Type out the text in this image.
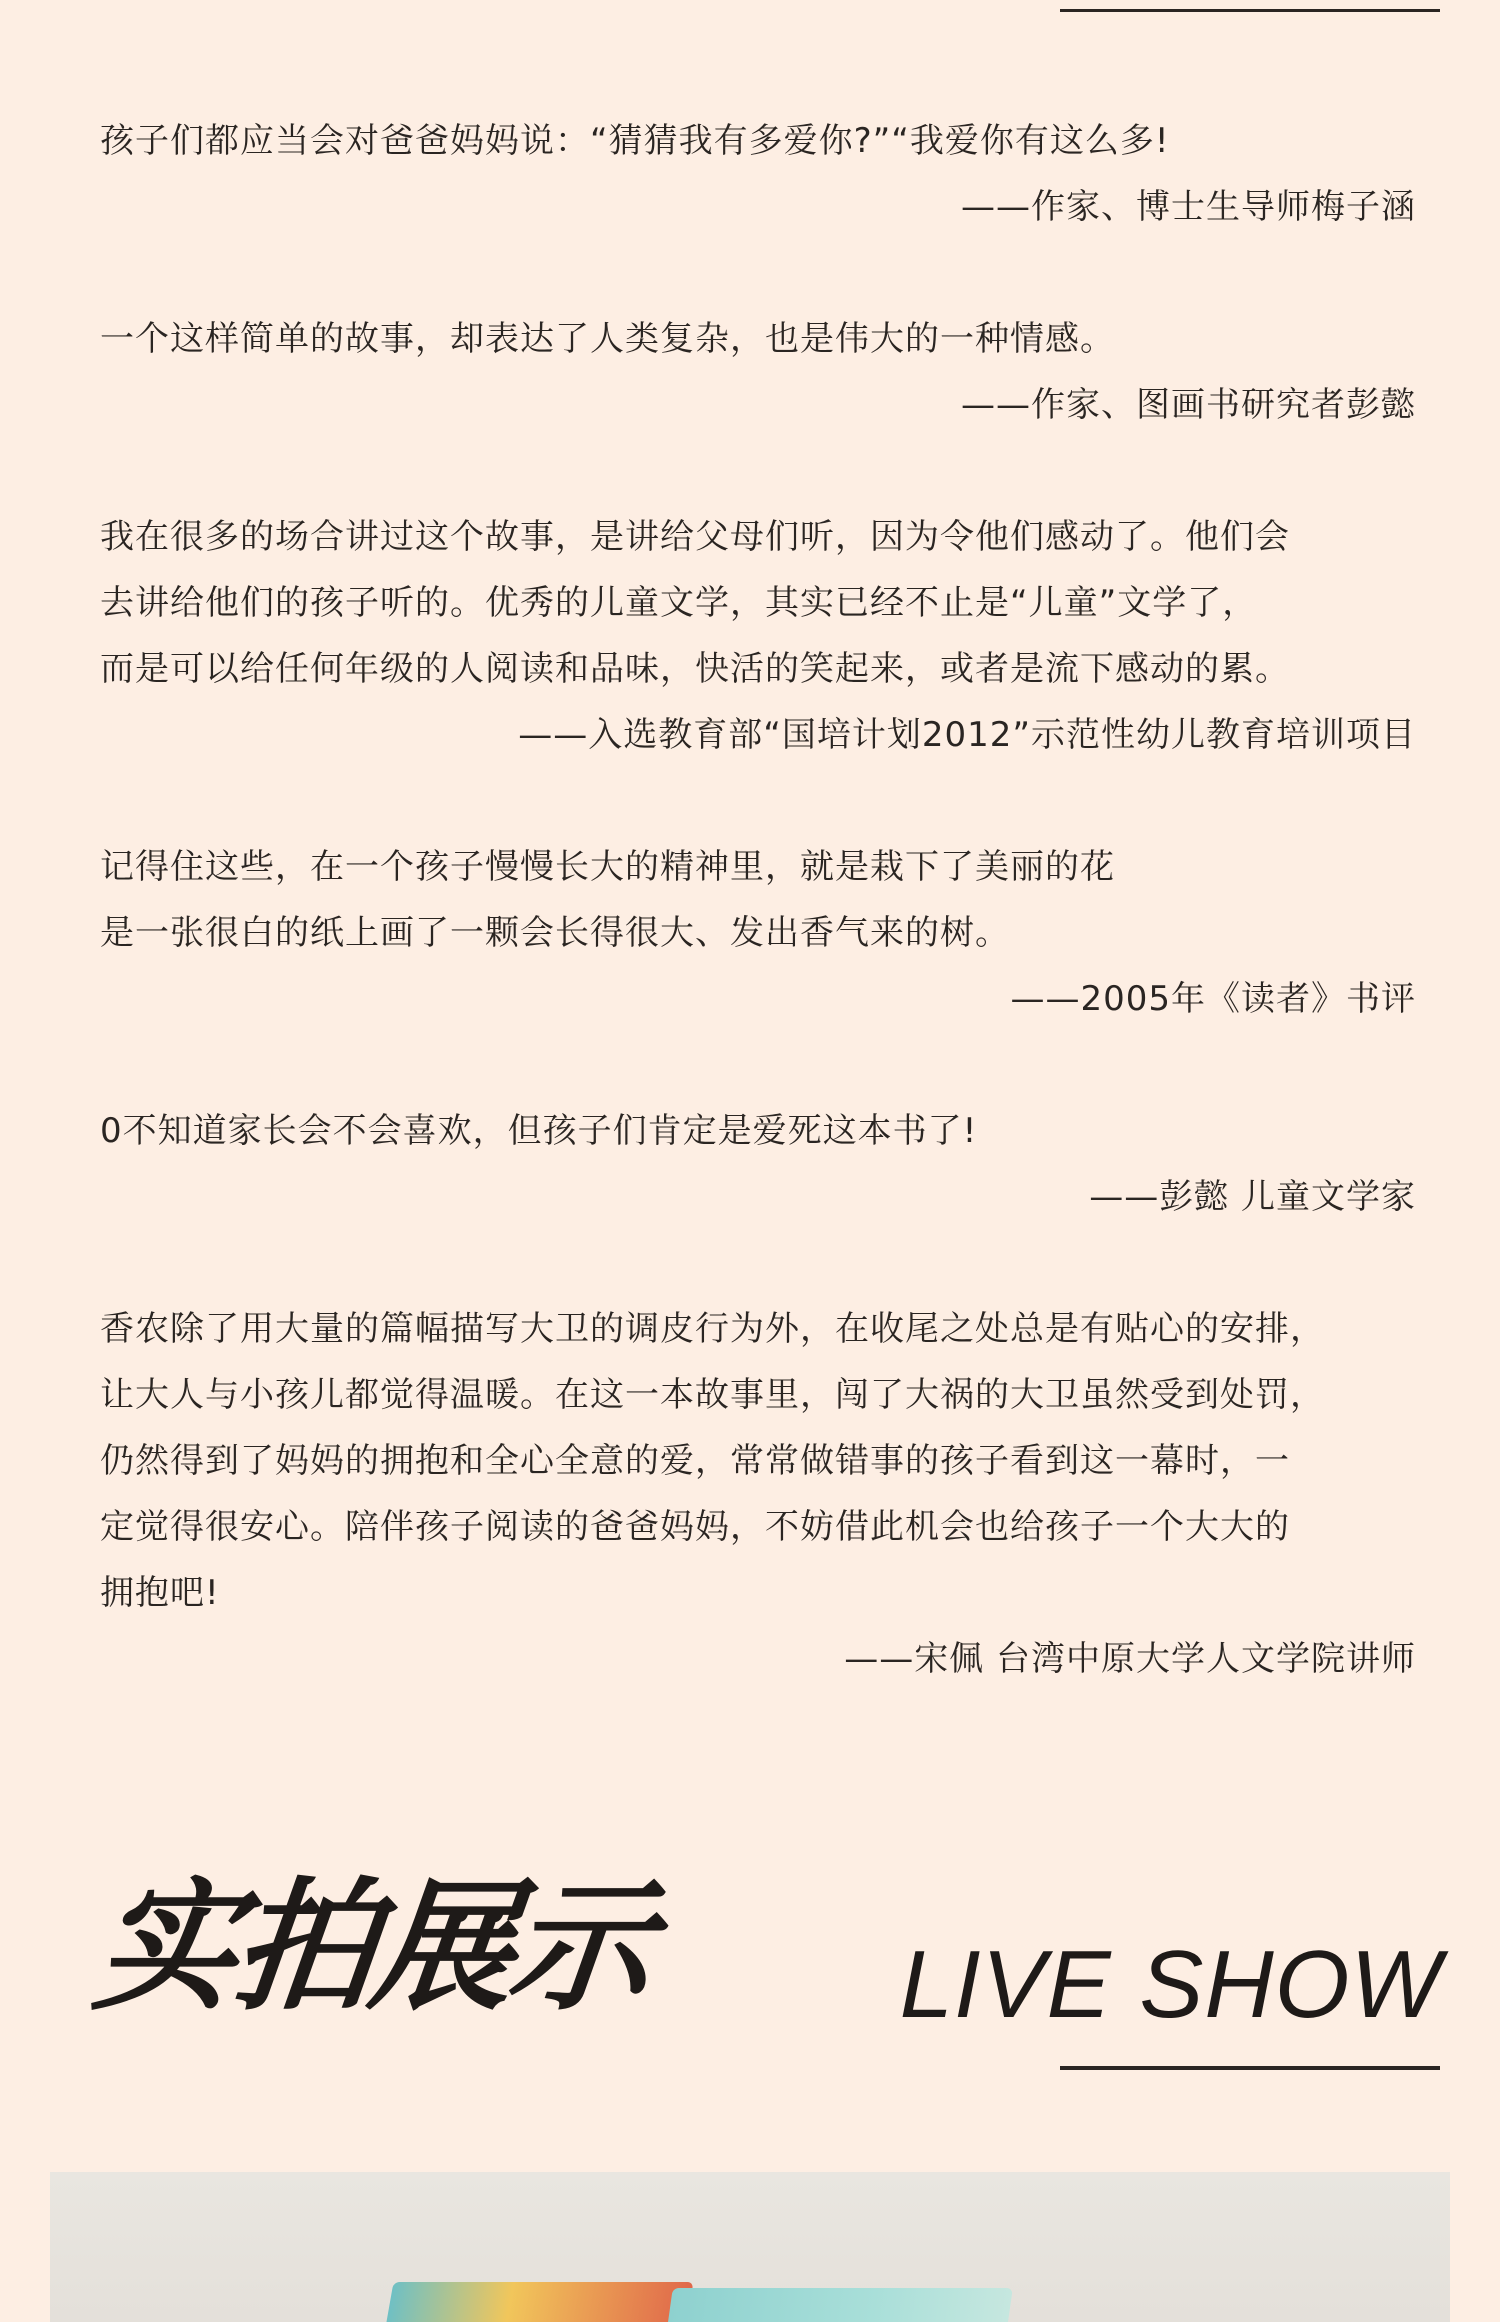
孩子们都应当会对爸爸妈妈说：“猜猜我有多爱你?”“我爱你有这么多!
——作家、博士生导师梅子涵
一个这样简单的故事，却表达了人类复杂，也是伟大的一种情感。
——作家、图画书研究者彭懿
我在很多的场合讲过这个故事，是讲给父母们听，因为令他们感动了。他们会
去讲给他们的孩子听的。优秀的儿童文学，其实已经不止是“儿童”文学了，
而是可以给任何年级的人阅读和品味，快活的笑起来，或者是流下感动的累。
——入选教育部“国培计划2012”示范性幼儿教育培训项目
记得住这些，在一个孩子慢慢长大的精神里，就是栽下了美丽的花
是一张很白的纸上画了一颗会长得很大、发出香气来的树。
——2005年《读者》书评
0不知道家长会不会喜欢，但孩子们肯定是爱死这本书了!
——彭懿 儿童文学家
香农除了用大量的篇幅描写大卫的调皮行为外，在收尾之处总是有贴心的安排，
让大人与小孩儿都觉得温暖。在这一本故事里，闯了大祸的大卫虽然受到处罚，
仍然得到了妈妈的拥抱和全心全意的爱，常常做错事的孩子看到这一幕时，一
定觉得很安心。陪伴孩子阅读的爸爸妈妈，不妨借此机会也给孩子一个大大的
拥抱吧!
——宋佩 台湾中原大学人文学院讲师
实拍展示	LIVE SHOW
